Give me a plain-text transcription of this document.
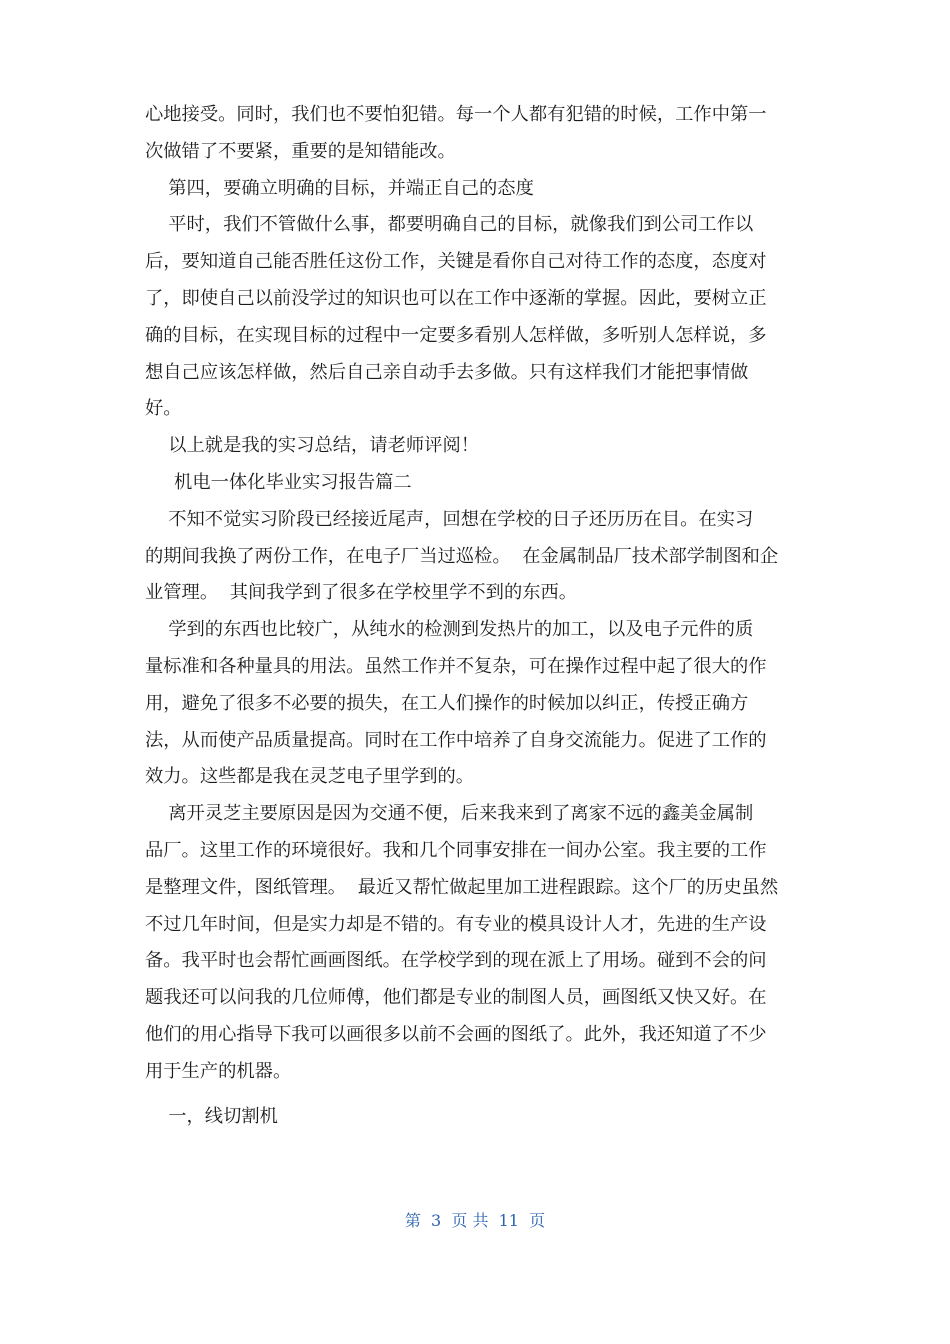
心地接受。同时，我们也不要怕犯错。每一个人都有犯错的时候，工作中第一

次做错了不要紧，重要的是知错能改。

第四，要确立明确的目标，并端正自己的态度

平时，我们不管做什么事，都要明确自己的目标，就像我们到公司工作以

后，要知道自己能否胜任这份工作，关键是看你自己对待工作的态度，态度对

了，即使自己以前没学过的知识也可以在工作中逐渐的掌握。因此，要树立正

确的目标，在实现目标的过程中一定要多看别人怎样做，多听别人怎样说，多

想自己应该怎样做，然后自己亲自动手去多做。只有这样我们才能把事情做

好。

以上就是我的实习总结，请老师评阅！

机电一体化毕业实习报告篇二

不知不觉实习阶段已经接近尾声，回想在学校的日子还历历在目。在实习

的期间我换了两份工作，在电子厂当过巡检。  在金属制品厂技术部学制图和企

业管理。  其间我学到了很多在学校里学不到的东西。

学到的东西也比较广，从纯水的检测到发热片的加工，以及电子元件的质

量标准和各种量具的用法。虽然工作并不复杂，可在操作过程中起了很大的作

用，避免了很多不必要的损失，在工人们操作的时候加以纠正，传授正确方

法，从而使产品质量提高。同时在工作中培养了自身交流能力。促进了工作的

效力。这些都是我在灵芝电子里学到的。

离开灵芝主要原因是因为交通不便，后来我来到了离家不远的鑫美金属制

品厂。这里工作的环境很好。我和几个同事安排在一间办公室。我主要的工作

是整理文件，图纸管理。  最近又帮忙做起里加工进程跟踪。这个厂的历史虽然

不过几年时间，但是实力却是不错的。有专业的模具设计人才，先进的生产设

备。我平时也会帮忙画画图纸。在学校学到的现在派上了用场。碰到不会的问

题我还可以问我的几位师傅，他们都是专业的制图人员，画图纸又快又好。在

他们的用心指导下我可以画很多以前不会画的图纸了。此外，我还知道了不少

用于生产的机器。

一，线切割机

第  3  页 共  11  页
